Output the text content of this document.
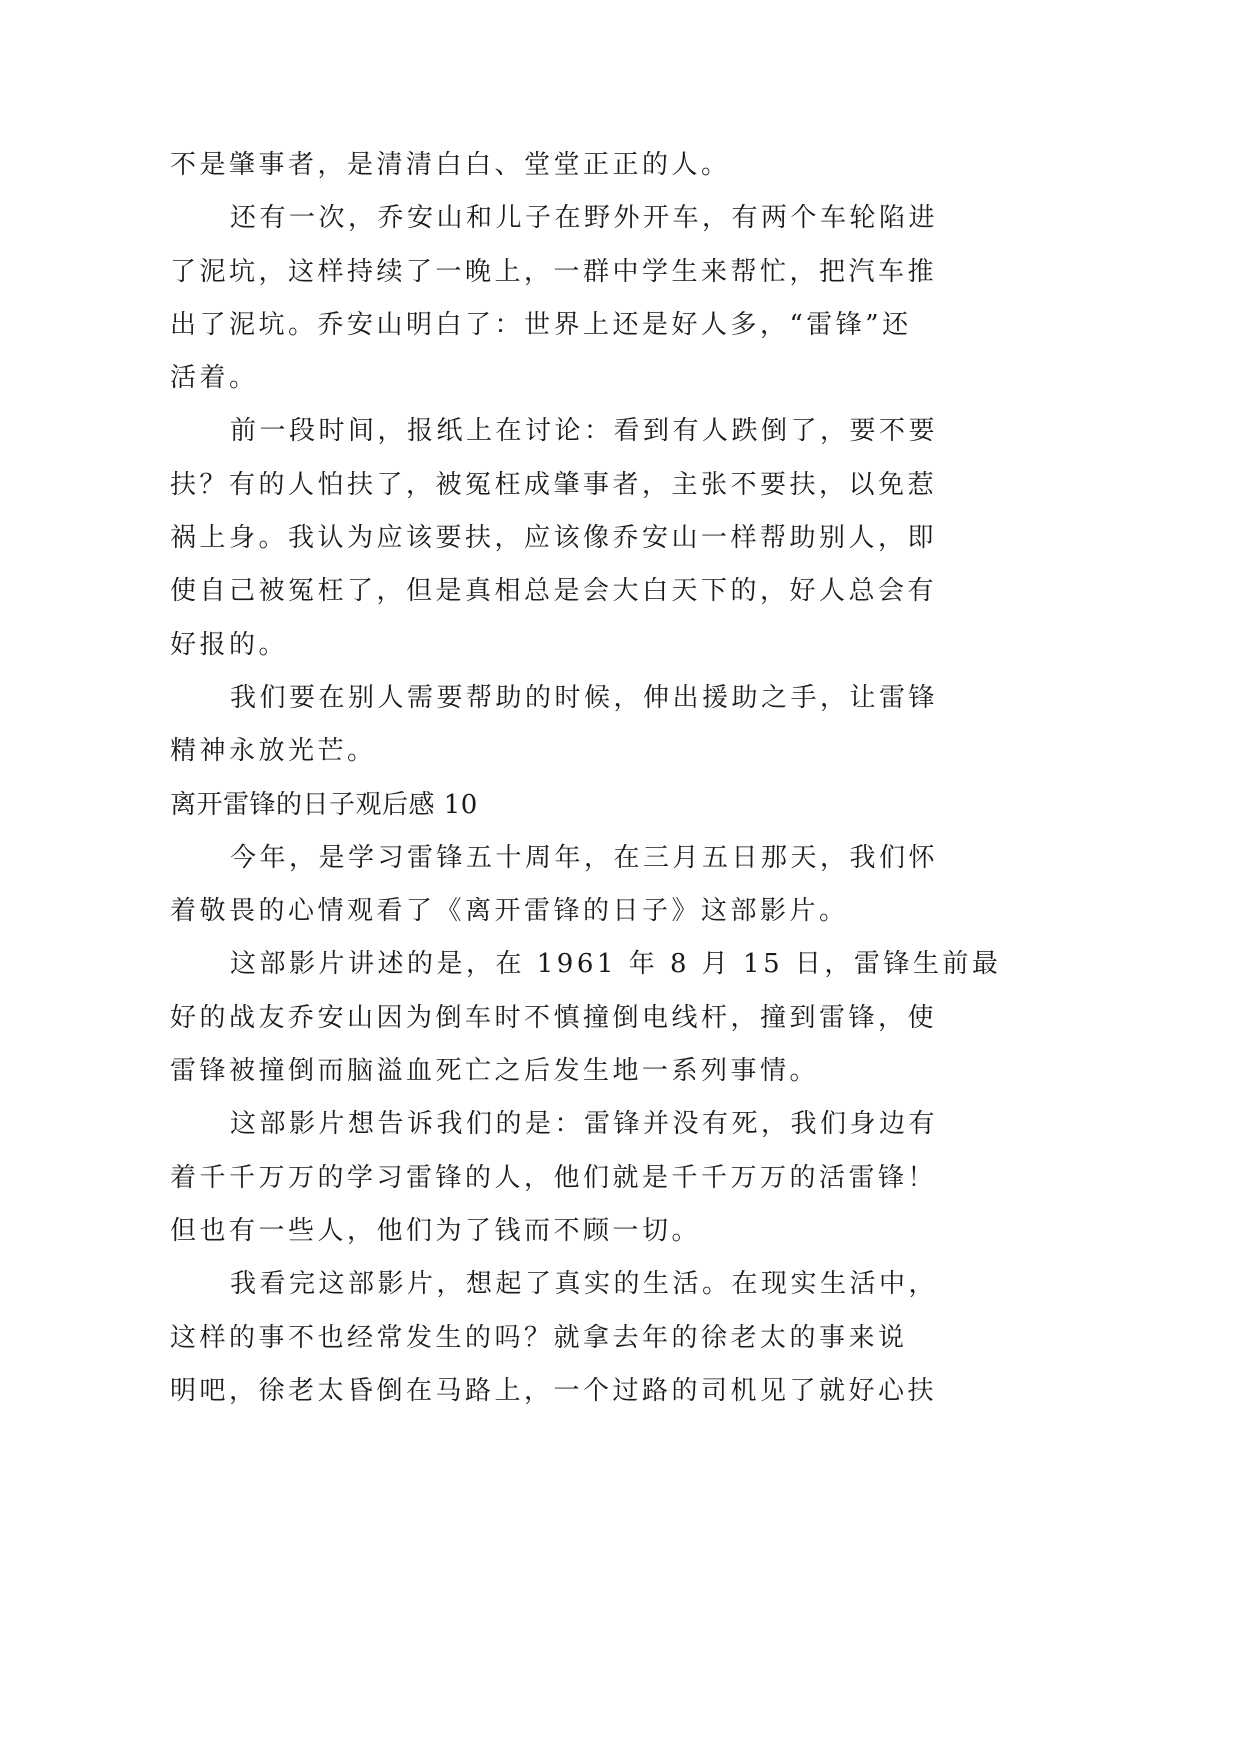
不是肇事者，是清清白白、堂堂正正的人。
还有一次，乔安山和儿子在野外开车，有两个车轮陷进
了泥坑，这样持续了一晚上，一群中学生来帮忙，把汽车推
出了泥坑。乔安山明白了：世界上还是好人多，“雷锋”还
活着。
前一段时间，报纸上在讨论：看到有人跌倒了，要不要
扶？有的人怕扶了，被冤枉成肇事者，主张不要扶，以免惹
祸上身。我认为应该要扶，应该像乔安山一样帮助别人，即
使自己被冤枉了，但是真相总是会大白天下的，好人总会有
好报的。
我们要在别人需要帮助的时候，伸出援助之手，让雷锋
精神永放光芒。
离开雷锋的日子观后感 10
今年，是学习雷锋五十周年，在三月五日那天，我们怀
着敬畏的心情观看了《离开雷锋的日子》这部影片。
这部影片讲述的是，在 1961 年 8 月 15 日，雷锋生前最
好的战友乔安山因为倒车时不慎撞倒电线杆，撞到雷锋，使
雷锋被撞倒而脑溢血死亡之后发生地一系列事情。
这部影片想告诉我们的是：雷锋并没有死，我们身边有
着千千万万的学习雷锋的人，他们就是千千万万的活雷锋！
但也有一些人，他们为了钱而不顾一切。
我看完这部影片，想起了真实的生活。在现实生活中，
这样的事不也经常发生的吗？就拿去年的徐老太的事来说
明吧，徐老太昏倒在马路上，一个过路的司机见了就好心扶
